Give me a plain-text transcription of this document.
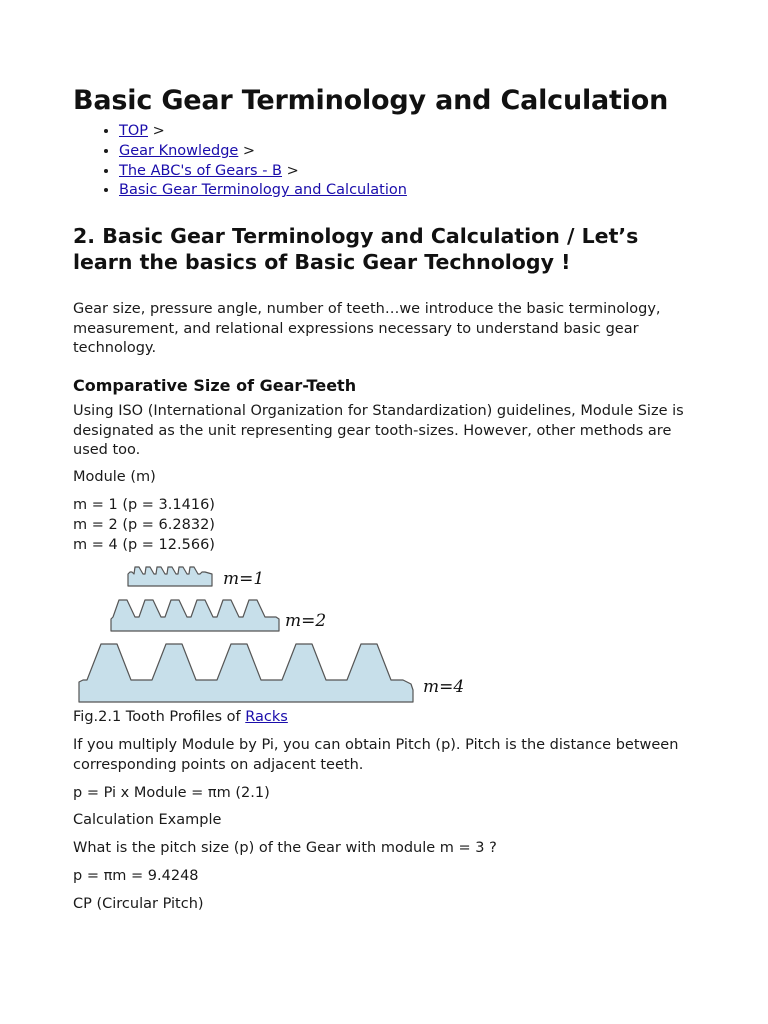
Basic Gear Terminology and Calculation
• TOP >
• Gear Knowledge >
• The ABC's of Gears - B >
• Basic Gear Terminology and Calculation
2. Basic Gear Terminology and Calculation / Let’s learn the basics of Basic Gear Technology !

Gear size, pressure angle, number of teeth…we introduce the basic terminology, measurement, and relational expressions necessary to understand basic gear technology.

Comparative Size of Gear-Teeth

Using ISO (International Organization for Standardization) guidelines, Module Size is designated as the unit representing gear tooth-sizes. However, other methods are used too.

Module (m)

m = 1 (p = 3.1416)

m = 2 (p = 6.2832)

m = 4 (p = 12.566)

m=1
m=2
m=4

Fig.2.1 Tooth Profiles of Racks

If you multiply Module by Pi, you can obtain Pitch (p). Pitch is the distance between corresponding points on adjacent teeth.

p = Pi x Module = πm (2.1)

Calculation Example

What is the pitch size (p) of the Gear with module m = 3 ?

p = πm = 9.4248

CP (Circular Pitch)
